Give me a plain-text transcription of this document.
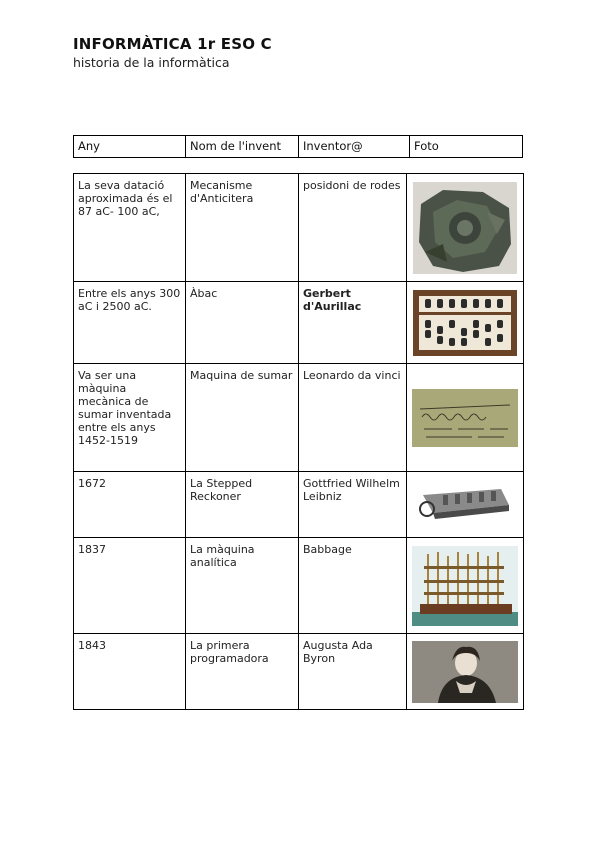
INFORMÀTICA 1r ESO C
historia de la informàtica
Any	Nom de l'invent	Inventor@	Foto
La seva datació aproximada és el 87 aC- 100 aC,	Mecanisme d'Anticitera	posidoni de rodes	

Entre els anys 300 aC i 2500 aC.	Àbac	Gerbert d'Aurillac	

Va ser una màquina mecànica de sumar inventada entre els anys 1452-1519	Maquina de sumar	Leonardo da vinci	

1672	La Stepped Reckoner	Gottfried Wilhelm Leibniz	

1837	La màquina analítica	Babbage	

1843	La primera programadora	Augusta Ada Byron	
